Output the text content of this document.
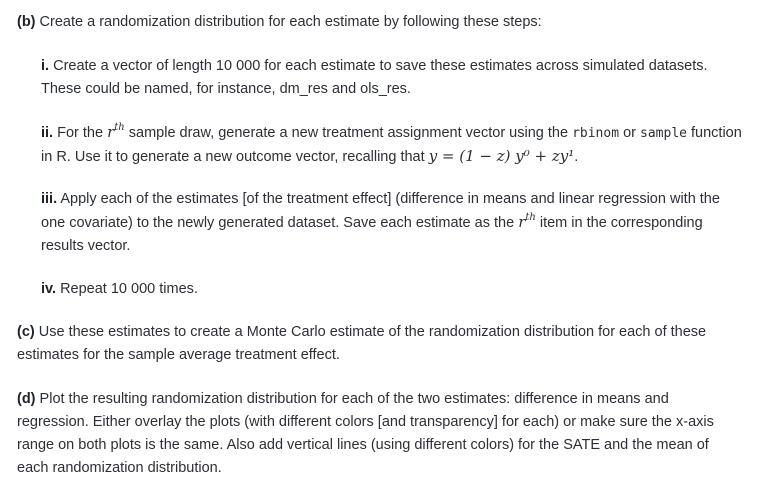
(b) Create a randomization distribution for each estimate by following these steps:
i. Create a vector of length 10 000 for each estimate to save these estimates across simulated datasets. These could be named, for instance, dm_res and ols_res.
ii. For the $r^{th}$ sample draw, generate a new treatment assignment vector using the rbinom or sample function in R. Use it to generate a new outcome vector, recalling that y = (1 − z) y⁰ + zy¹.
iii. Apply each of the estimates [of the treatment effect] (difference in means and linear regression with the one covariate) to the newly generated dataset. Save each estimate as the $r^{th}$ item in the corresponding results vector.
iv. Repeat 10 000 times.
(c) Use these estimates to create a Monte Carlo estimate of the randomization distribution for each of these estimates for the sample average treatment effect.
(d) Plot the resulting randomization distribution for each of the two estimates: difference in means and regression. Either overlay the plots (with different colors [and transparency] for each) or make sure the x-axis range on both plots is the same. Also add vertical lines (using different colors) for the SATE and the mean of each randomization distribution.
